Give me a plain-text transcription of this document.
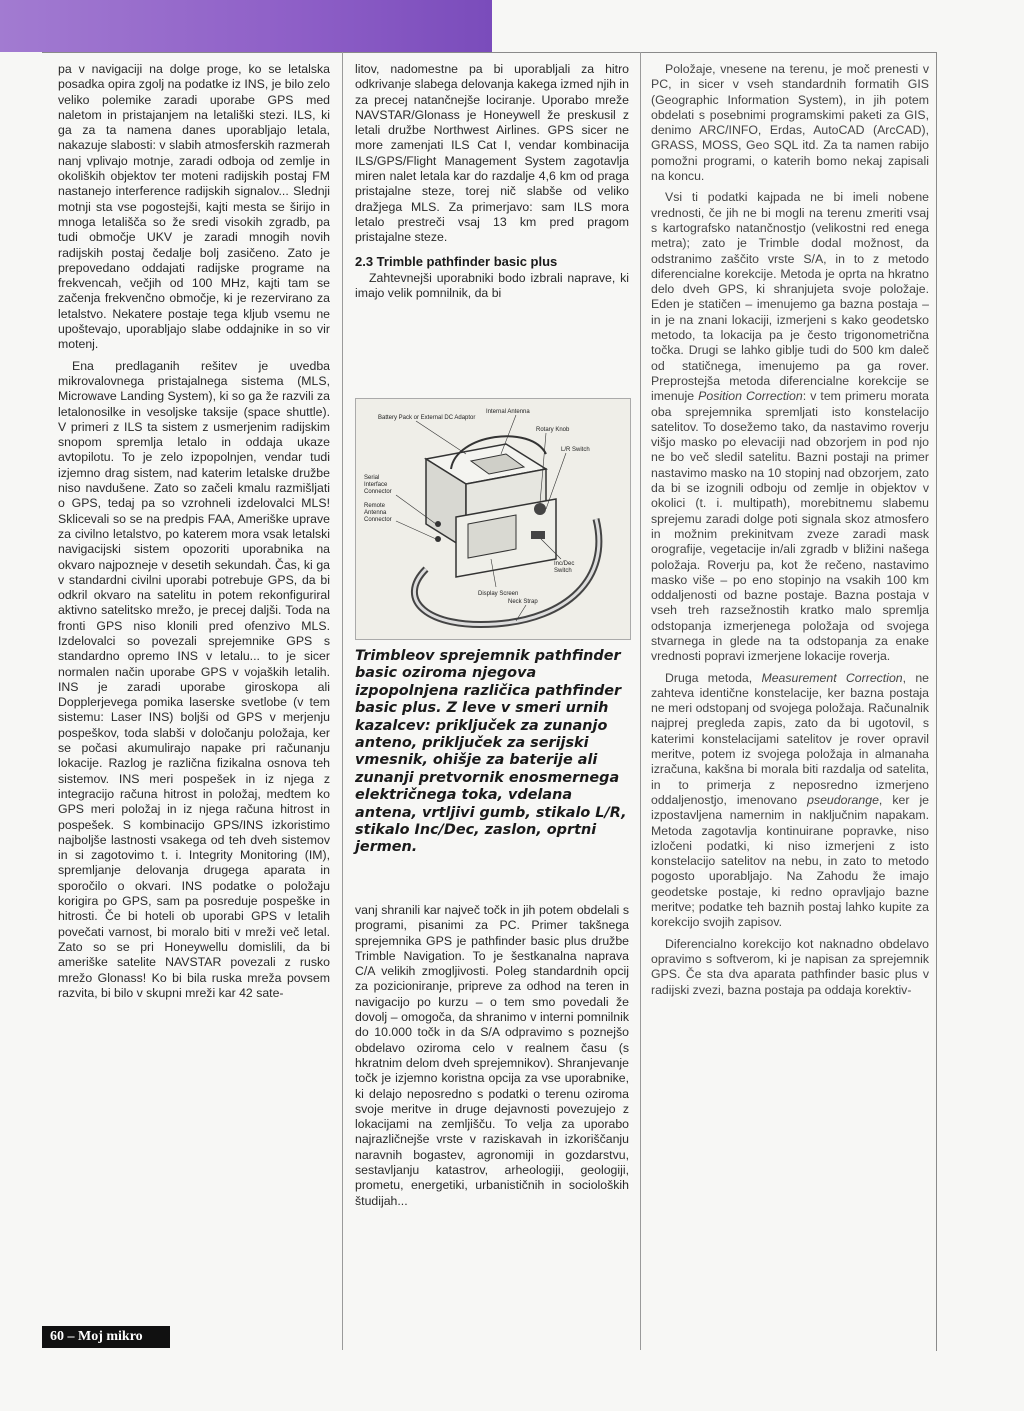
pa v navigaciji na dolge proge, ko se letalska posadka opira zgolj na podatke iz INS, je bilo zelo veliko polemike zaradi uporabe GPS med naletom in pristajanjem na letališki stezi. ILS, ki ga za ta namena danes uporabljajo letala, nakazuje slabosti: v slabih atmosferskih razmerah nanj vplivajo motnje, zaradi odboja od zemlje in okoliških objektov ter moteni radijskih postaj FM nastanejo interference radijskih signalov... Slednji motnji sta vse pogostejši, kajti mesta se širijo in mnoga letališča so že sredi visokih zgradb, pa tudi območje UKV je zaradi mnogih novih radijskih postaj čedalje bolj zasičeno. Zato je prepovedano oddajati radijske programe na frekvencah, večjih od 100 MHz, kajti tam se začenja frekvenčno območje, ki je rezervirano za letalstvo. Nekatere postaje tega kljub vsemu ne upoštevajo, uporabljajo slabe oddajnike in so vir motenj.

Ena predlaganih rešitev je uvedba mikrovalovnega pristajalnega sistema (MLS, Microwave Landing System), ki so ga že razvili za letalonosilke in vesoljske taksije (space shuttle). V primeri z ILS ta sistem z usmerjenim radijskim snopom spremlja letalo in oddaja ukaze avtopilotu. To je zelo izpopolnjen, vendar tudi izjemno drag sistem, nad katerim letalske družbe niso navdušene. Zato so začeli kmalu razmišljati o GPS, tedaj pa so vzrohneli izdelovalci MLS! Sklicevali so se na predpis FAA, Ameriške uprave za civilno letalstvo, po katerem mora vsak letalski navigacijski sistem opozoriti uporabnika na okvaro najpozneje v desetih sekundah. Čas, ki ga v standardni civilni uporabi potrebuje GPS, da bi odkril okvaro na satelitu in potem rekonfiguriral aktivno satelitsko mrežo, je precej daljši. Toda na fronti GPS niso klonili pred ofenzivo MLS. Izdelovalci so povezali sprejemnike GPS s standardno opremo INS v letalu... to je sicer normalen način uporabe GPS v vojaških letalih. INS je zaradi uporabe giroskopa ali Dopplerjevega pomika laserske svetlobe (v tem sistemu: Laser INS) boljši od GPS v merjenju pospeškov, toda slabši v določanju položaja, ker se počasi akumulirajo napake pri računanju lokacije. Razlog je različna fizikalna osnova teh sistemov. INS meri pospešek in iz njega z integracijo računa hitrost in položaj, medtem ko GPS meri položaj in iz njega računa hitrost in pospešek. S kombinacijo GPS/INS izkoristimo najboljše lastnosti vsakega od teh dveh sistemov in si zagotovimo t. i. Integrity Monitoring (IM), spremljanje delovanja drugega aparata in sporočilo o okvari. INS podatke o položaju korigira po GPS, sam pa posreduje pospeške in hitrosti. Če bi hoteli ob uporabi GPS v letalih povečati varnost, bi moralo biti v mreži več letal. Zato so se pri Honeywellu domislili, da bi ameriške satelite NAVSTAR povezali z rusko mrežo Glonass! Ko bi bila ruska mreža povsem razvita, bi bilo v skupni mreži kar 42 sate-

litov, nadomestne pa bi uporabljali za hitro odkrivanje slabega delovanja kakega izmed njih in za precej natančnejše lociranje. Uporabo mreže NAVSTAR/Glonass je Honeywell že preskusil z letali družbe Northwest Airlines. GPS sicer ne more zamenjati ILS Cat I, vendar kombinacija ILS/GPS/Flight Management System zagotavlja miren nalet letala kar do razdalje 4,6 km od praga pristajalne steze, torej nič slabše od veliko dražjega MLS. Za primerjavo: sam ILS mora letalo prestreči vsaj 13 km pred pragom pristajalne steze.

2.3 Trimble pathfinder basic plus

Zahtevnejši uporabniki bodo izbrali naprave, ki imajo velik pomnilnik, da bi

Battery Pack or External DC Adaptor
Internal Antenna
Rotary Knob
L/R Switch
Serial
Interface
Connector
Remote
Antenna
Connector
Inc/Dec
Switch
Display Screen
Neck Strap
Trimbleov sprejemnik pathfinder basic oziroma njegova izpopolnjena različica pathfinder basic plus. Z leve v smeri urnih kazalcev: priključek za zunanjo anteno, priključek za serijski vmesnik, ohišje za baterije ali zunanji pretvornik enosmernega električnega toka, vdelana antena, vrtljivi gumb, stikalo L/R, stikalo Inc/Dec, zaslon, oprtni jermen.

vanj shranili kar največ točk in jih potem obdelali s programi, pisanimi za PC. Primer takšnega sprejemnika GPS je pathfinder basic plus družbe Trimble Navigation. To je šestkanalna naprava C/A velikih zmogljivosti. Poleg standardnih opcij za pozicioniranje, pripreve za odhod na teren in navigacijo po kurzu – o tem smo povedali že dovolj – omogoča, da shranimo v interni pomnilnik do 10.000 točk in da S/A odpravimo s poznejšo obdelavo oziroma celo v realnem času (s hkratnim delom dveh sprejemnikov). Shranjevanje točk je izjemno koristna opcija za vse uporabnike, ki delajo neposredno s podatki o terenu oziroma svoje meritve in druge dejavnosti povezujejo z lokacijami na zemljišču. To velja za uporabo najrazličnejše vrste v raziskavah in izkoriščanju naravnih bogastev, agronomiji in gozdarstvu, sestavljanju katastrov, arheologiji, geologiji, prometu, energetiki, urbanističnih in socioloških študijah...

Položaje, vnesene na terenu, je moč prenesti v PC, in sicer v vseh standardnih formatih GIS (Geographic Information System), in jih potem obdelati s posebnimi programskimi paketi za GIS, denimo ARC/INFO, Erdas, AutoCAD (ArcCAD), GRASS, MOSS, Geo SQL itd. Za ta namen rabijo pomožni programi, o katerih bomo nekaj zapisali na koncu.

Vsi ti podatki kajpada ne bi imeli nobene vrednosti, če jih ne bi mogli na terenu zmeriti vsaj s kartografsko natančnostjo (velikostni red enega metra); zato je Trimble dodal možnost, da odstranimo zaščito vrste S/A, in to z metodo diferencialne korekcije. Metoda je oprta na hkratno delo dveh GPS, ki shranjujeta svoje položaje. Eden je statičen – imenujemo ga bazna postaja – in je na znani lokaciji, izmerjeni s kako geodetsko metodo, ta lokacija pa je često trigonometrična točka. Drugi se lahko giblje tudi do 500 km daleč od statičnega, imenujemo pa ga rover. Preprostejša metoda diferencialne korekcije se imenuje Position Correction: v tem primeru morata oba sprejemnika spremljati isto konstelacijo satelitov. To dosežemo tako, da nastavimo roverju višjo masko po elevaciji nad obzorjem in pod njo ne bo več sledil satelitu. Bazni postaji na primer nastavimo masko na 10 stopinj nad obzorjem, zato da bi se izognili odboju od zemlje in objektov v okolici (t. i. multipath), morebitnemu slabemu sprejemu zaradi dolge poti signala skoz atmosfero in možnim prekinitvam zveze zaradi mask orografije, vegetacije in/ali zgradb v bližini našega položaja. Roverju pa, kot že rečeno, nastavimo masko više – po eno stopinjo na vsakih 100 km oddaljenosti od bazne postaje. Bazna postaja v vseh treh razsežnostih kratko malo spremlja odstopanja izmerjenega položaja od svojega stvarnega in glede na ta odstopanja za enake vrednosti popravi izmerjene lokacije roverja.

Druga metoda, Measurement Correction, ne zahteva identične konstelacije, ker bazna postaja ne meri odstopanj od svojega položaja. Računalnik najprej pregleda zapis, zato da bi ugotovil, s katerimi konstelacijami satelitov je rover opravil meritve, potem iz svojega položaja in almanaha izračuna, kakšna bi morala biti razdalja od satelita, in to primerja z neposredno izmerjeno oddaljenostjo, imenovano pseudorange, ker je izpostavljena namernim in naključnim napakam. Metoda zagotavlja kontinuirane popravke, niso izločeni podatki, ki niso izmerjeni z isto konstelacijo satelitov na nebu, in zato to metodo pogosto uporabljajo. Na Zahodu že imajo geodetske postaje, ki redno opravljajo bazne meritve; podatke teh baznih postaj lahko kupite za korekcijo svojih zapisov.

Diferencialno korekcijo kot naknadno obdelavo opravimo s softverom, ki je napisan za sprejemnik GPS. Če sta dva aparata pathfinder basic plus v radijski zvezi, bazna postaja pa oddaja korektiv-

60 – Moj mikro
